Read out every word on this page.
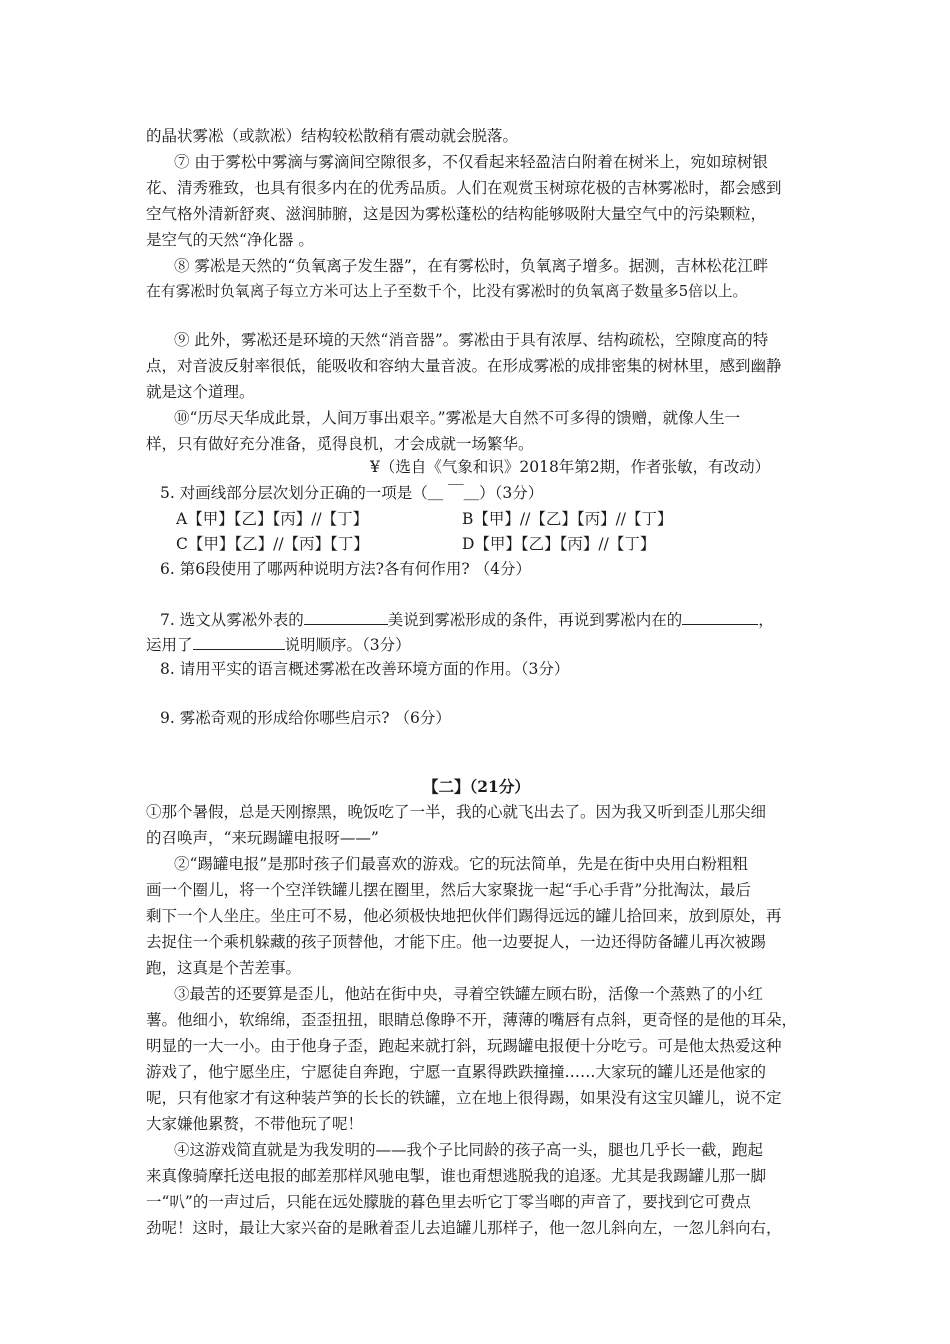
的晶状雾凇（或款凇）结构较松散稍有震动就会脱落。
⑦ 由于雾松中雾滴与雾滴间空隙很多，不仅看起来轻盈洁白附着在树米上，宛如琼树银
花、清秀雅致，也具有很多内在的优秀品质。人们在观赏玉树琼花极的吉林雾凇时，都会感到
空气格外清新舒爽、滋润肺腑，这是因为雾松蓬松的结构能够吸附大量空气中的污染颗粒，
是空气的天然“净化器 。
⑧ 雾凇是天然的“负氧离子发生器”，在有雾松时，负氧离子增多。据测，吉林松花江畔
在有雾凇时负氧离子每立方米可达上子至数千个，比没有雾凇时的负氧离子数量多5倍以上。
⑨ 此外，雾凇还是环境的天然“消音器”。雾凇由于具有浓厚、结构疏松，空隙度高的特
点，对音波反射率很低，能吸收和容纳大量音波。在形成雾凇的成排密集的树林里，感到幽静
就是这个道理。
⑩“历尽天华成此景，人间万事出艰辛。”雾凇是大自然不可多得的馈赠，就像人生一
样，只有做好充分准备，觅得良机，才会成就一场繁华。
¥（选自《气象和识》2018年第2期，作者张敏，有改动）
5. 对画线部分层次划分正确的一项是（＿ ￣＿）（3分）
A【甲】【乙】【丙】//【丁】	B【甲】//【乙】【丙】//【丁】
C【甲】【乙】//【丙】【丁】	D【甲】【乙】【丙】//【丁】
6. 第6段使用了哪两种说明方法?各有何作用? （4分）
7. 选文从雾凇外表的	美说到雾凇形成的条件，再说到雾凇内在的	，
运用了	说明顺序。（3分）
8. 请用平实的语言概述雾凇在改善环境方面的作用。（3分）
9. 雾凇奇观的形成给你哪些启示? （6分）
【二】（21分）
①那个暑假，总是天刚擦黑，晚饭吃了一半，我的心就飞出去了。因为我又听到歪儿那尖细
的召唤声，“来玩踢罐电报呀——”
②“踢罐电报”是那时孩子们最喜欢的游戏。它的玩法简单，先是在街中央用白粉粗粗
画一个圈儿，将一个空洋铁罐儿摆在圈里，然后大家聚拢一起“手心手背”分批淘汰，最后
剩下一个人坐庄。坐庄可不易，他必须极快地把伙伴们踢得远远的罐儿拾回来，放到原处，再
去捉住一个乘机躲藏的孩子顶替他，才能下庄。他一边要捉人，一边还得防备罐儿再次被踢
跑，这真是个苦差事。
③最苦的还要算是歪儿，他站在街中央，寻着空铁罐左顾右盼，活像一个蒸熟了的小红
薯。他细小，软绵绵，歪歪扭扭，眼睛总像睁不开，薄薄的嘴唇有点斜，更奇怪的是他的耳朵，
明显的一大一小。由于他身子歪，跑起来就打斜，玩踢罐电报便十分吃亏。可是他太热爱这种
游戏了，他宁愿坐庄，宁愿徒自奔跑，宁愿一直累得跌跌撞撞……大家玩的罐儿还是他家的
呢，只有他家才有这种装芦笋的长长的铁罐，立在地上很得踢，如果没有这宝贝罐儿，说不定
大家嫌他累赘，不带他玩了呢！
④这游戏简直就是为我发明的——我个子比同龄的孩子高一头，腿也几乎长一截，跑起
来真像骑摩托送电报的邮差那样风驰电掣，谁也甭想逃脱我的追逐。尤其是我踢罐儿那一脚
一“叭”的一声过后，只能在远处朦胧的暮色里去听它丁零当啷的声音了，要找到它可费点
劲呢！这时，最让大家兴奋的是瞅着歪儿去追罐儿那样子，他一忽儿斜向左，一忽儿斜向右，
